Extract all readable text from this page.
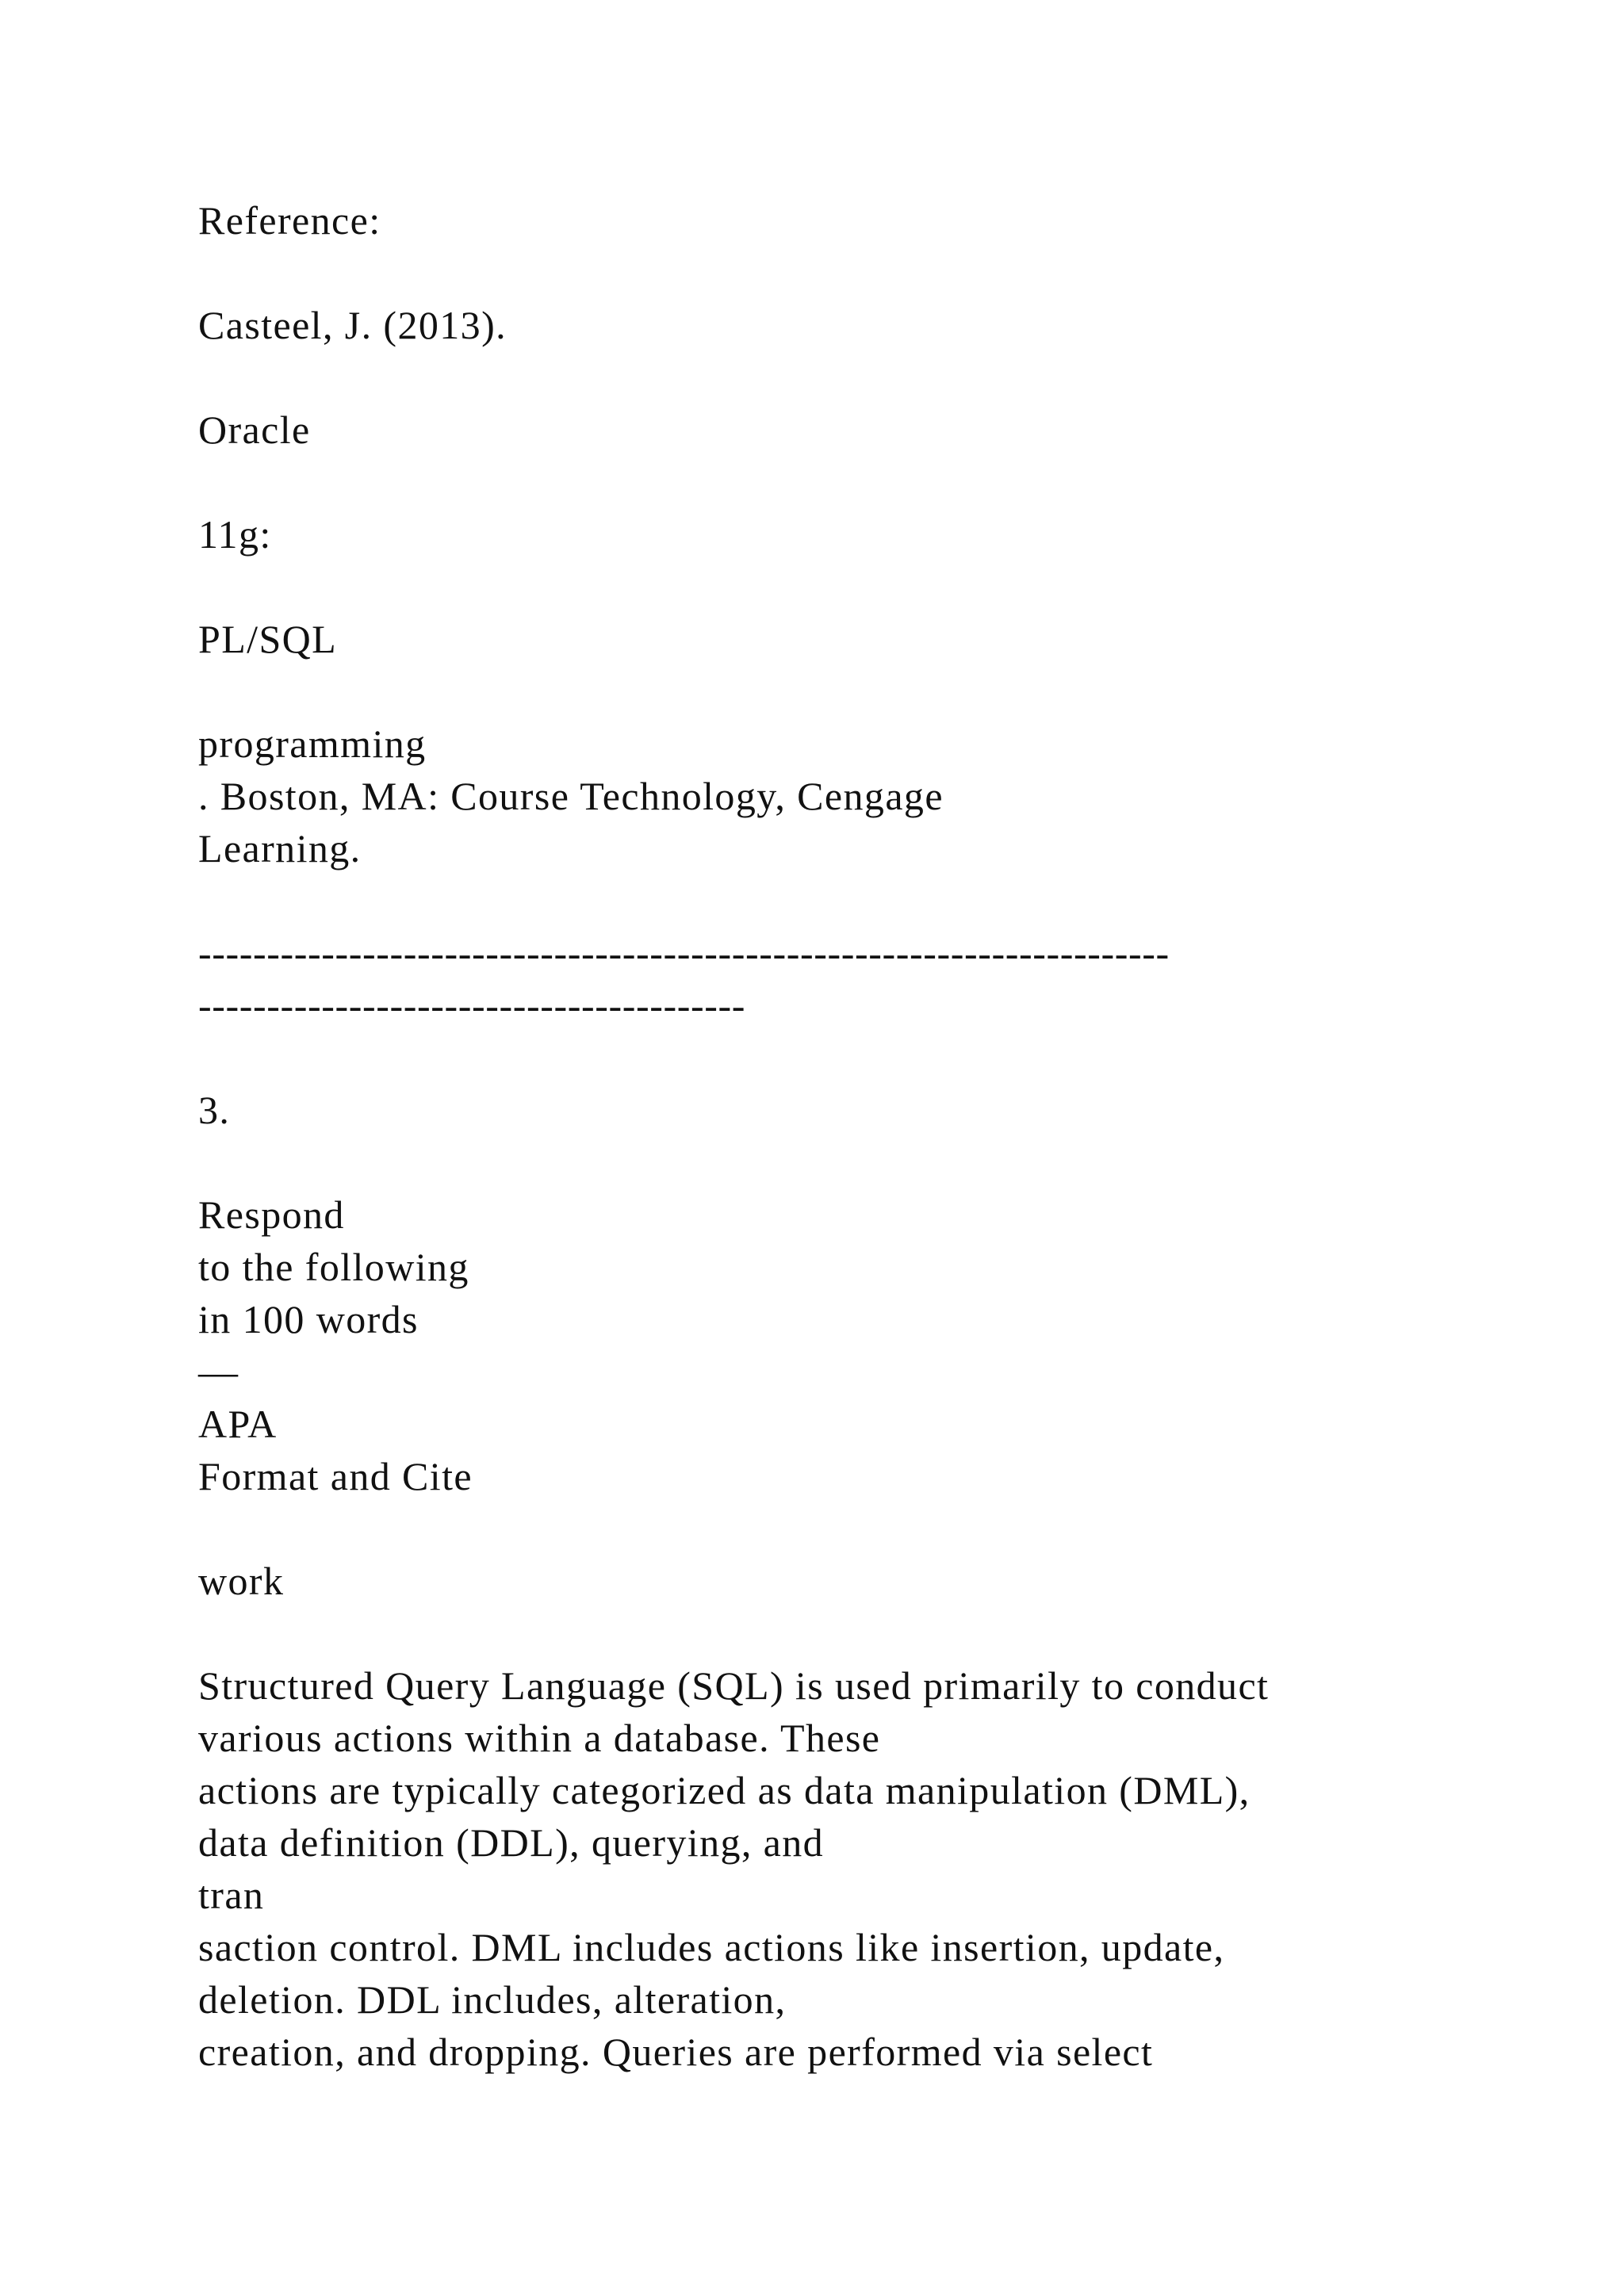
Reference:

Casteel, J. (2013).

Oracle

11g:

PL/SQL

programming

. Boston, MA: Course Technology, Cengage

Learning.

-----------------------------------------------------------------------

----------------------------------------

3.

Respond

to the following

in 100 words

—

APA

Format and Cite

work

Structured Query Language (SQL) is used primarily to conduct

various actions within a database. These

actions are typically categorized as data manipulation (DML),

data definition (DDL), querying, and

tran

saction control. DML includes actions like insertion, update,

deletion. DDL includes, alteration,

creation, and dropping. Queries are performed via select
